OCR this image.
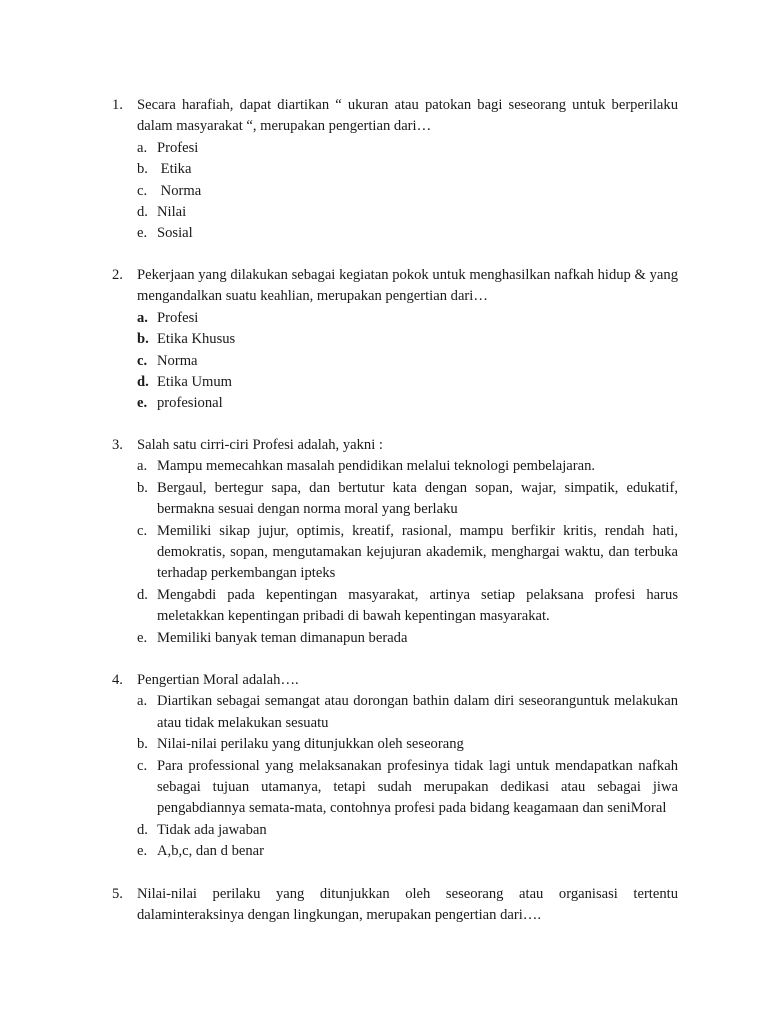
1. Secara harafiah, dapat diartikan “ ukuran atau patokan bagi seseorang untuk berperilaku dalam masyarakat “, merupakan pengertian dari…
a. Profesi
b. Etika
c. Norma
d. Nilai
e. Sosial
2. Pekerjaan yang dilakukan sebagai kegiatan pokok untuk menghasilkan nafkah hidup & yang mengandalkan suatu keahlian, merupakan pengertian dari…
a. Profesi
b. Etika Khusus
c. Norma
d. Etika Umum
e. profesional
3. Salah satu cirri-ciri Profesi adalah, yakni :
a. Mampu memecahkan masalah pendidikan melalui teknologi pembelajaran.
b. Bergaul, bertegur sapa, dan bertutur kata dengan sopan, wajar, simpatik, edukatif, bermakna sesuai dengan norma moral yang berlaku
c. Memiliki sikap jujur, optimis, kreatif, rasional, mampu berfikir kritis, rendah hati, demokratis, sopan, mengutamakan kejujuran akademik, menghargai waktu, dan terbuka terhadap perkembangan ipteks
d. Mengabdi pada kepentingan masyarakat, artinya setiap pelaksana profesi harus meletakkan kepentingan pribadi di bawah kepentingan masyarakat.
e. Memiliki banyak teman dimanapun berada
4. Pengertian Moral adalah….
a. Diartikan sebagai semangat atau dorongan bathin dalam diri seseoranguntuk melakukan atau tidak melakukan sesuatu
b. Nilai-nilai perilaku yang ditunjukkan oleh seseorang
c. Para professional yang melaksanakan profesinya tidak lagi untuk mendapatkan nafkah sebagai tujuan utamanya, tetapi sudah merupakan dedikasi atau sebagai jiwa pengabdiannya semata-mata, contohnya profesi pada bidang keagamaan dan seniMoral
d. Tidak ada jawaban
e. A,b,c, dan d benar
5. Nilai-nilai perilaku yang ditunjukkan oleh seseorang atau organisasi tertentu dalaminteraksinya dengan lingkungan, merupakan pengertian dari….
